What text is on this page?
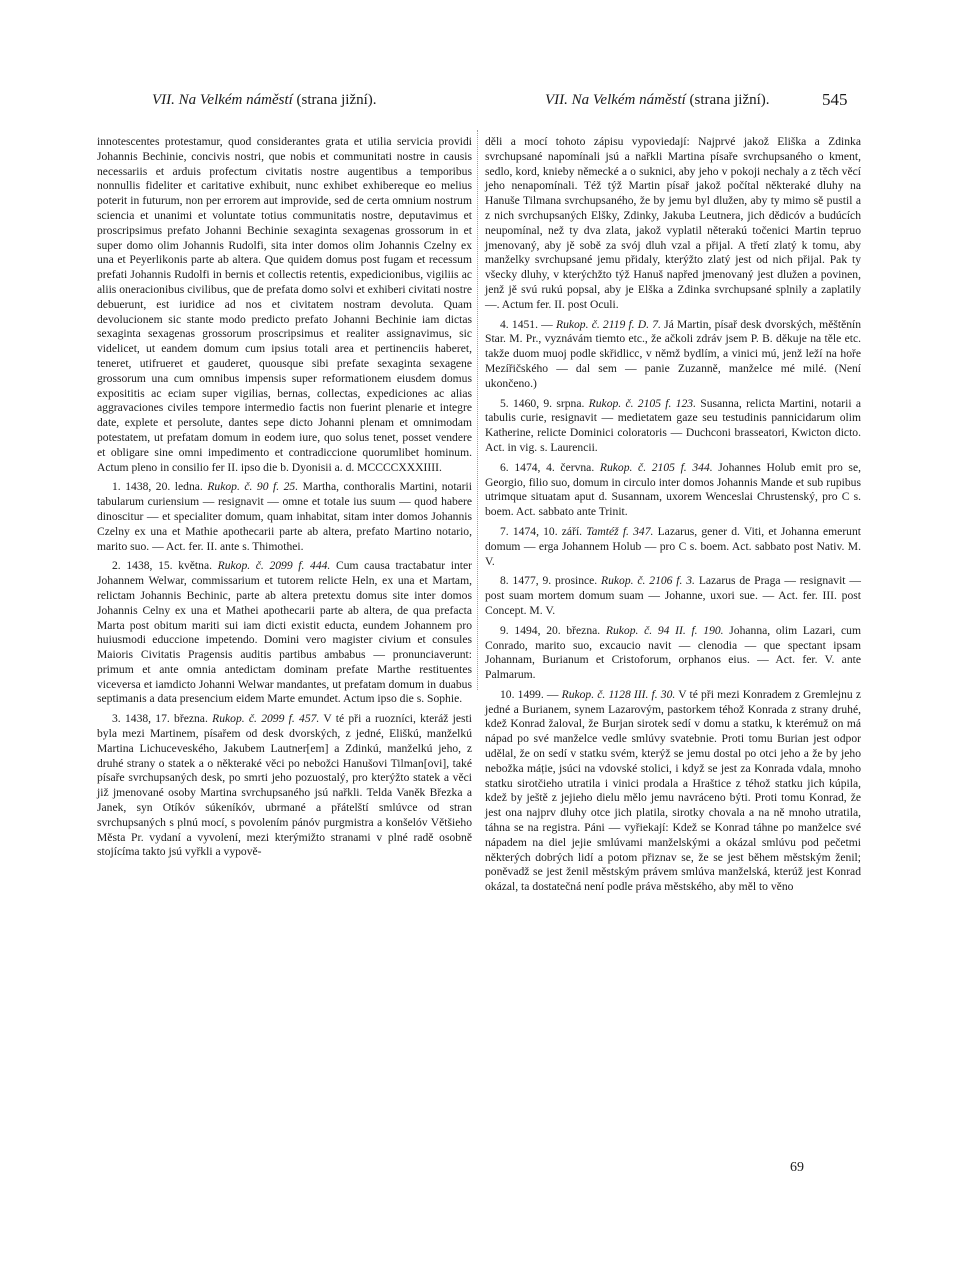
VII. Na Velkém náměstí (strana jižní).	VII. Na Velkém náměstí (strana jižní).	545

innotescentes protestamur, quod considerantes grata et utilia servicia providi Johannis Bechinie, concivis nostri, que nobis et communitati nostre in causis necessariis et arduis profectum civitatis nostre augentibus a temporibus nonnullis fideliter et caritative exhibuit, nunc exhibet exhibereque eo melius poterit in futurum, non per errorem aut improvide, sed de certa omnium nostrum sciencia et unanimi et voluntate totius communitatis nostre, deputavimus et proscripsimus prefato Johanni Bechinie sexaginta sexagenas grossorum in et super domo olim Johannis Rudolfi, sita inter domos olim Johannis Czelny ex una et Peyerlikonis parte ab altera. Que quidem domus post fugam et recessum prefati Johannis Rudolfi in bernis et collectis retentis, expedicionibus, vigiliis ac aliis oneracionibus civilibus, que de prefata domo solvi et exhiberi civitati nostre debuerunt, est iuridice ad nos et civitatem nostram devoluta. Quam devolucionem sic stante modo predicto prefato Johanni Bechinie iam dictas sexaginta sexagenas grossorum proscripsimus et realiter assignavimus, sic videlicet, ut eandem domum cum ipsius totali area et pertinenciis haberet, teneret, utifrueret et gauderet, quousque sibi prefate sexaginta sexagene grossorum una cum omnibus impensis super reformationem eiusdem domus exposititis ac eciam super vigilias, bernas, collectas, expediciones ac alias aggravaciones civiles tempore intermedio factis non fuerint plenarie et integre date, explete et persolute, dantes sepe dicto Johanni plenam et omnimodam potestatem, ut prefatam domum in eodem iure, quo solus tenet, posset vendere et obligare sine omni impedimento et contradiccione quorumlibet hominum. Actum pleno in consilio fer II. ipso die b. Dyonisii a. d. MCCCCXXXIIII.

1. 1438, 20. ledna. Rukop. č. 90 f. 25. Martha, conthoralis Martini, notarii tabularum curiensium — resignavit — omne et totale ius suum — quod habere dinoscitur — et specialiter domum, quam inhabitat, sitam inter domos Johannis Czelny ex una et Mathie apothecarii parte ab altera, prefato Martino notario, marito suo. — Act. fer. II. ante s. Thimothei.

2. 1438, 15. května. Rukop. č. 2099 f. 444. Cum causa tractabatur inter Johannem Welwar, commissarium et tutorem relicte Heln, ex una et Martam, relictam Johannis Bechinic, parte ab altera pretextu domus site inter domos Johannis Celny ex una et Mathei apothecarii parte ab altera, de qua prefacta Marta post obitum mariti sui iam dicti existit educta, eundem Johannem pro huiusmodi educcione impetendo. Domini vero magister civium et consules Maioris Civitatis Pragensis auditis partibus ambabus — pronunciaverunt: primum et ante omnia antedictam dominam prefate Marthe restituentes viceversa et iamdicto Johanni Welwar mandantes, ut prefatam domum in duabus septimanis a data presencium eidem Marte emundet. Actum ipso die s. Sophie.

3. 1438, 17. března. Rukop. č. 2099 f. 457. V té při a ruozníci, kteráž jesti byla mezi Martinem, písařem od desk dvorských, z jedné, Eliškú, manželkú Martina Lichuceveského, Jakubem Lautner[em] a Zdinkú, manželkú jeho, z druhé strany o statek a o některaké věci po nebožci Hanušovi Tilman[ovi], také písaře svrchupsaných desk, po smrti jeho pozuostalý, pro kterýžto statek a věci již jmenované osoby Martina svrchupsaného jsú nařkli. Telda Vaněk Březka a Janek, syn Otíkóv súkeníkóv, ubrmané a přátelští smlúvce od stran svrchupsaných s plnú mocí, s povolením pánóv purgmistra a konšelóv Většieho Města Pr. vydaní a vyvolení, mezi kterýmižto stranami v plné radě osobně stojícíma takto jsú vyřkli a vypově-

děli a mocí tohoto zápisu vypoviedají: Najprvé jakož Eliška a Zdinka svrchupsané napomínali jsú a nařkli Martina písaře svrchupsaného o kment, sedlo, kord, knieby německé a o suknici, aby jeho v pokoji nechaly a z těch věcí jeho nenapomínali. Též týž Martin písař jakož počítal některaké dluhy na Hanuše Tilmana svrchupsaného, že by jemu byl dlužen, aby ty mimo sě pustil a z nich svrchupsaných Elšky, Zdinky, Jakuba Leutnera, jich dědicóv a budúcích neupomínal, než ty dva zlata, jakož vyplatil něterakú točenici Martin tepruo jmenovaný, aby jě sobě za svój dluh vzal a přijal. A třetí zlatý k tomu, aby manželky svrchupsané jemu přidaly, kterýžto zlatý jest od nich přijal. Pak ty všecky dluhy, v kterýchžto týž Hanuš napřed jmenovaný jest dlužen a povinen, jenž jě svú rukú popsal, aby je Elška a Zdinka svrchupsané splnily a zaplatily —. Actum fer. II. post Oculi.

4. 1451. — Rukop. č. 2119 f. D. 7. Já Martin, písař desk dvorských, měštěnín Star. M. Pr., vyznávám tiemto etc., že ačkoli zdráv jsem P. B. děkuje na těle etc. takže duom muoj podle skřidlicc, v němž bydlím, a vinici mú, jenž leží na hoře Mezířičského — dal sem — panie Zuzanně, manželce mé milé. (Není ukončeno.)

5. 1460, 9. srpna. Rukop. č. 2105 f. 123. Susanna, relicta Martini, notarii a tabulis curie, resignavit — medietatem gaze seu testudinis pannicidarum olim Katherine, relicte Dominici coloratoris — Duchconi brasseatori, Kwicton dicto. Act. in vig. s. Laurencii.

6. 1474, 4. června. Rukop. č. 2105 f. 344. Johannes Holub emit pro se, Georgio, filio suo, domum in circulo inter domos Johannis Mande et sub rupibus utrimque situatam aput d. Susannam, uxorem Wenceslai Chrustenský, pro C s. boem. Act. sabbato ante Trinit.

7. 1474, 10. září. Tamtéž f. 347. Lazarus, gener d. Viti, et Johanna emerunt domum — erga Johannem Holub — pro C s. boem. Act. sabbato post Nativ. M. V.

8. 1477, 9. prosince. Rukop. č. 2106 f. 3. Lazarus de Praga — resignavit — post suam mortem domum suam — Johanne, uxori sue. — Act. fer. III. post Concept. M. V.

9. 1494, 20. března. Rukop. č. 94 II. f. 190. Johanna, olim Lazari, cum Conrado, marito suo, excaucio navit — clenodia — que spectant ipsam Johannam, Burianum et Cristoforum, orphanos eius. — Act. fer. V. ante Palmarum.

10. 1499. — Rukop. č. 1128 III. f. 30. V té při mezi Konradem z Gremlejnu z jedné a Burianem, synem Lazarovým, pastorkem téhož Konrada z strany druhé, kdež Konrad žaloval, že Burjan sirotek sedí v domu a statku, k kterémuž on má nápad po své manželce vedle smlúvy svatebnie. Proti tomu Burian jest odpor udělal, že on sedí v statku svém, kterýž se jemu dostal po otci jeho a že by jeho nebožka máție, jsúci na vdovské stolici, i když se jest za Konrada vdala, mnoho statku sirotčieho utratila i vinici prodala a Hraštice z téhož statku jich kúpila, kdež by ještě z jejieho dielu mělo jemu navráceno býti. Proti tomu Konrad, že jest ona najprv dluhy otce jich platila, sirotky chovala a na ně mnoho utratila, táhna se na registra. Páni — vyřiekají: Kdež se Konrad táhne po manželce své nápadem na diel jejie smlúvami manželskými a okázal smlúvu pod pečetmi některých dobrých lidí a potom přiznav se, že se jest během městským ženil; poněvadž se jest ženil městským právem smlúva manželská, kterúž jest Konrad okázal, ta dostatečná není podle práva městského, aby měl to věno

69
